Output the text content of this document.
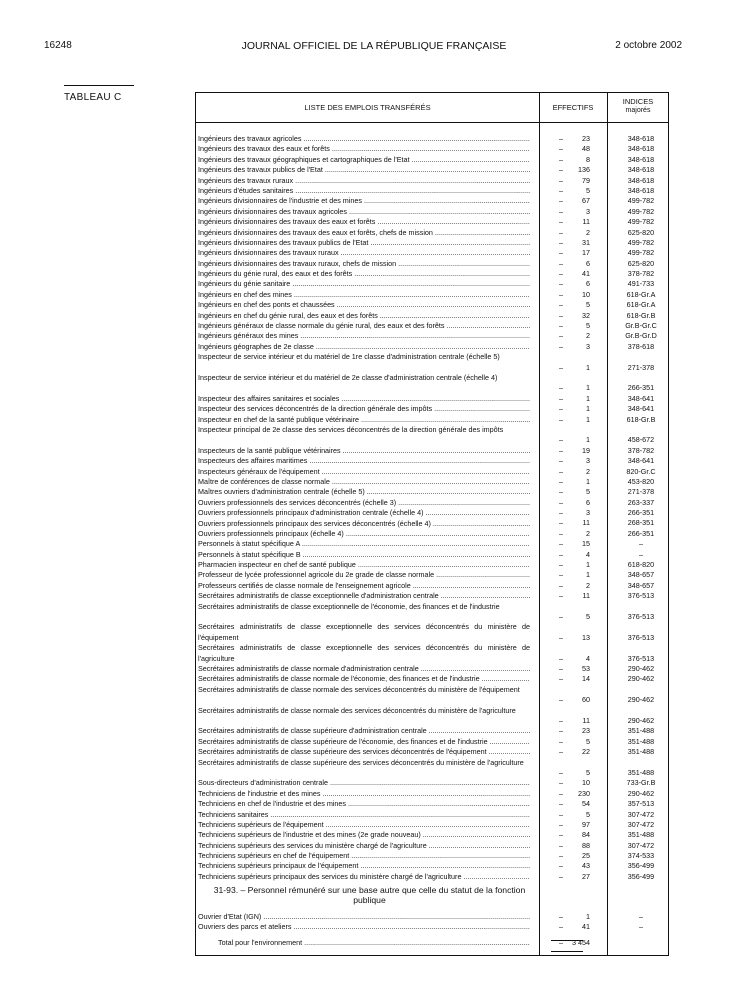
16248	JOURNAL OFFICIEL DE LA RÉPUBLIQUE FRANÇAISE	2 octobre 2002
TABLEAU C
LISTE DES EMPLOIS TRANSFÉRÉS	EFFECTIFS
INDICES
majorés
Ingénieurs des travaux agricoles .....	–	23	348-618
Ingénieurs des travaux des eaux et forêts .....	–	48	348-618
Ingénieurs des travaux géographiques et cartographiques de l'Etat .....	–	8	348-618
Ingénieurs des travaux publics de l'Etat .....	–	136	348-618
Ingénieurs des travaux ruraux .....	–	79	348-618
Ingénieurs d'études sanitaires .....	–	5	348-618
Ingénieurs divisionnaires de l'industrie et des mines .....	–	67	499-782
Ingénieurs divisionnaires des travaux agricoles .....	–	3	499-782
Ingénieurs divisionnaires des travaux des eaux et forêts .....	–	11	499-782
Ingénieurs divisionnaires des travaux des eaux et forêts, chefs de mission .....	–	2	625-820
Ingénieurs divisionnaires des travaux publics de l'Etat .....	–	31	499-782
Ingénieurs divisionnaires des travaux ruraux .....	–	17	499-782
Ingénieurs divisionnaires des travaux ruraux, chefs de mission .....	–	6	625-820
Ingénieurs du génie rural, des eaux et des forêts .....	–	41	378-782
Ingénieurs du génie sanitaire .....	–	6	491-733
Ingénieurs en chef des mines .....	–	10	618-Gr.A
Ingénieurs en chef des ponts et chaussées .....	–	5	618-Gr.A
Ingénieurs en chef du génie rural, des eaux et des forêts .....	–	32	618-Gr.B
Ingénieurs généraux de classe normale du génie rural, des eaux et des forêts .....	–	5	Gr.B-Gr.C
Ingénieurs généraux des mines .....	–	2	Gr.B-Gr.D
Ingénieurs géographes de 2e classe .....	–	3	378-618
Inspecteur de service intérieur et du matériel de 1re classe d'administration centrale (échelle 5)
–	1	271-378
Inspecteur de service intérieur et du matériel de 2e classe d'administration centrale (échelle 4)
–	1	266-351
Inspecteur des affaires sanitaires et sociales .....	–	1	348-641
Inspecteur des services déconcentrés de la direction générale des impôts .....	–	1	348-641
Inspecteur en chef de la santé publique vétérinaire .....	–	1	618-Gr.B
Inspecteur principal de 2e classe des services déconcentrés de la direction générale des impôts
–	1	458-672
Inspecteurs de la santé publique vétérinaires .....	–	19	378-782
Inspecteurs des affaires maritimes .....	–	3	348-641
Inspecteurs généraux de l'équipement .....	–	2	820-Gr.C
Maître de conférences de classe normale .....	–	1	453-820
Maîtres ouvriers d'administration centrale (échelle 5) .....	–	5	271-378
Ouvriers professionnels des services déconcentrés (échelle 3) .....	–	6	263-337
Ouvriers professionnels principaux d'administration centrale (échelle 4) .....	–	3	266-351
Ouvriers professionnels principaux des services déconcentrés (échelle 4) .....	–	11	268-351
Ouvriers professionnels principaux (échelle 4) .....	–	2	266-351
Personnels à statut spécifique A .....	–	15	–
Personnels à statut spécifique B .....	–	4	–
Pharmacien inspecteur en chef de santé publique .....	–	1	618-820
Professeur de lycée professionnel agricole du 2e grade de classe normale .....	–	1	348-657
Professeurs certifiés de classe normale de l'enseignement agricole .....	–	2	348-657
Secrétaires administratifs de classe exceptionnelle d'administration centrale .....	–	11	376-513
Secrétaires administratifs de classe exceptionnelle de l'économie, des finances et de l'industrie
–	5	376-513
Secrétaires administratifs de classe exceptionnelle des services déconcentrés du ministère de l'équipement	–	13	376-513
Secrétaires administratifs de classe exceptionnelle des services déconcentrés du ministère de l'agriculture	–	4	376-513
Secrétaires administratifs de classe normale d'administration centrale .....	–	53	290-462
Secrétaires administratifs de classe normale de l'économie, des finances et de l'industrie .....	–	14	290-462
Secrétaires administratifs de classe normale des services déconcentrés du ministère de l'équipement
–	60	290-462
Secrétaires administratifs de classe normale des services déconcentrés du ministère de l'agriculture
–	11	290-462
Secrétaires administratifs de classe supérieure d'administration centrale .....	–	23	351-488
Secrétaires administratifs de classe supérieure de l'économie, des finances et de l'industrie .....	–	5	351-488
Secrétaires administratifs de classe supérieure des services déconcentrés de l'équipement .....	–	22	351-488
Secrétaires administratifs de classe supérieure des services déconcentrés du ministère de l'agriculture
–	5	351-488
Sous-directeurs d'administration centrale .....	–	10	733-Gr.B
Techniciens de l'industrie et des mines .....	–	230	290-462
Techniciens en chef de l'industrie et des mines .....	–	54	357-513
Techniciens sanitaires .....	–	5	307-472
Techniciens supérieurs de l'équipement .....	–	97	307-472
Techniciens supérieurs de l'industrie et des mines (2e grade nouveau) .....	–	84	351-488
Techniciens supérieurs des services du ministère chargé de l'agriculture .....	–	88	307-472
Techniciens supérieurs en chef de l'équipement .....	–	25	374-533
Techniciens supérieurs principaux de l'équipement .....	–	43	356-499
Techniciens supérieurs principaux des services du ministère chargé de l'agriculture .....	–	27	356-499
31-93. – Personnel rémunéré sur une base autre que celle du statut de la fonction publique
Ouvrier d'Etat (IGN) .....	–	1	–
Ouvriers des parcs et ateliers .....	–	41	–
Total pour l'environnement .....	–	3 454
